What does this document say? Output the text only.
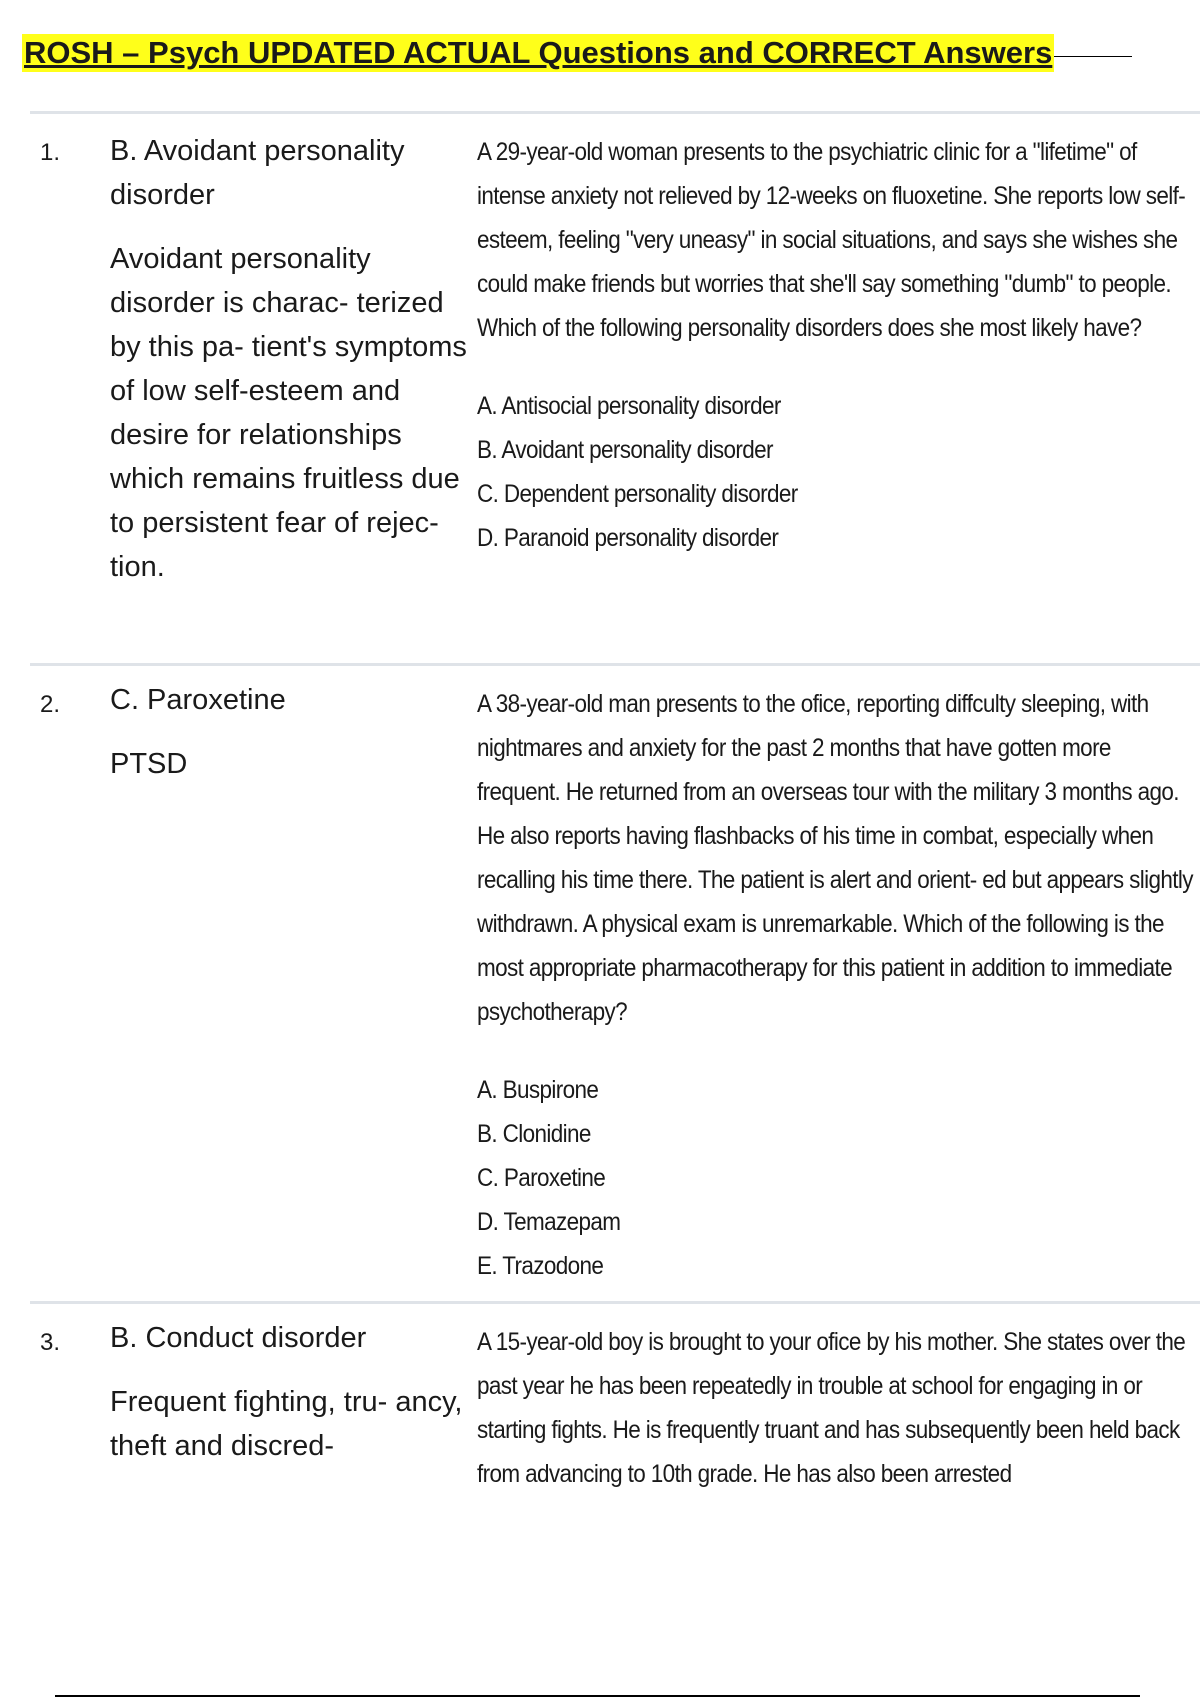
ROSH – Psych UPDATED ACTUAL Questions and CORRECT Answers
1. B. Avoidant personality disorder

Avoidant personality disorder is charac- terized by this pa- tient's symptoms of low self-esteem and desire for relationships which remains fruitless due to persistent fear of rejec- tion.

A 29-year-old woman presents to the psychiatric clinic for a "lifetime" of intense anxiety not relieved by 12-weeks on fluoxetine. She reports low self-esteem, feeling "very uneasy" in social situations, and says she wishes she could make friends but worries that she'll say something "dumb" to people. Which of the following personality disorders does she most likely have?

A. Antisocial personality disorder
B. Avoidant personality disorder
C. Dependent personality disorder
D. Paranoid personality disorder
2. C. Paroxetine

PTSD

A 38-year-old man presents to the ofice, reporting diffculty sleeping, with nightmares and anxiety for the past 2 months that have gotten more frequent. He returned from an overseas tour with the military 3 months ago. He also reports having flashbacks of his time in combat, especially when recalling his time there. The patient is alert and orient- ed but appears slightly withdrawn. A physical exam is unremarkable. Which of the following is the most appropriate pharmacotherapy for this patient in addition to immediate psychotherapy?

A. Buspirone
B. Clonidine
C. Paroxetine
D. Temazepam
E. Trazodone
3. B. Conduct disorder

Frequent fighting, tru- ancy, theft and discred-

A 15-year-old boy is brought to your ofice by his mother. She states over the past year he has been repeatedly in trouble at school for engaging in or starting fights. He is frequently truant and has subsequently been held back from advancing to 10th grade. He has also been arrested
